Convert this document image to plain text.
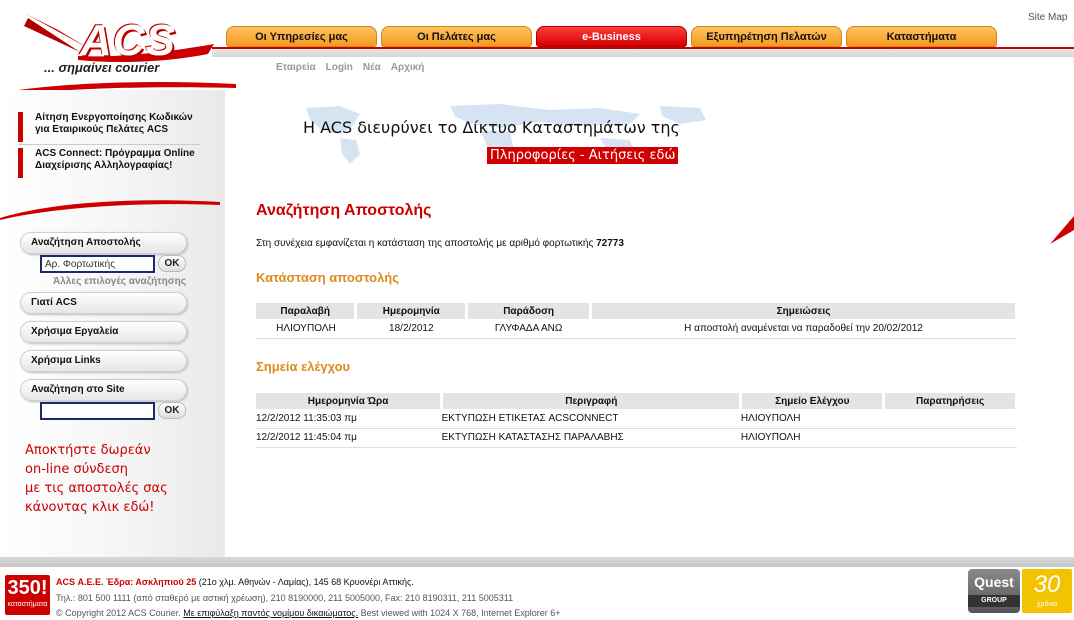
ACS
... σημαίνει courier
Site Map
Οι Υπηρεσίες μας	Οι Πελάτες μας	e-Business	Εξυπηρέτηση Πελατών	Καταστήματα
Εταιρεία Login Νέα Αρχική
Αίτηση Ενεργοποίησης Κωδικών για Εταιρικούς Πελάτες ACS
ACS Connect: Πρόγραμμα Online Διαχείρισης Αλληλογραφίας!
Αναζήτηση Αποστολής
Αρ. Φορτωτικής
OK
Άλλες επιλογές αναζήτησης
Γιατί ACS
Χρήσιμα Εργαλεία
Χρήσιμα Links
Αναζήτηση στο Site
OK
Αποκτήστε δωρεάν
on-line σύνδεση
με τις αποστολές σας
κάνοντας κλικ εδώ!
Η ACS διευρύνει το Δίκτυο Καταστημάτων της
Πληροφορίες - Αιτήσεις εδώ
Αναζήτηση Αποστολής
Στη συνέχεια εμφανίζεται η κατάσταση της αποστολής με αριθμό φορτωτικής 72773
Κατάσταση αποστολής
Παραλαβή	Ημερομηνία	Παράδοση	Σημειώσεις
ΗΛΙΟΥΠΟΛΗ	18/2/2012	ΓΛΥΦΑΔΑ ΑΝΩ	Η αποστολή αναμένεται να παραδοθεί την 20/02/2012
Σημεία ελέγχου
Ημερομηνία Ώρα	Περιγραφή	Σημείο Ελέγχου	Παρατηρήσεις
12/2/2012 11:35:03 πμ	ΕΚΤΥΠΩΣΗ ΕΤΙΚΕΤΑΣ ACSCONNECT	ΗΛΙΟΥΠΟΛΗ	
12/2/2012 11:45:04 πμ	ΕΚΤΥΠΩΣΗ ΚΑΤΑΣΤΑΣΗΣ ΠΑΡΑΛΑΒΗΣ	ΗΛΙΟΥΠΟΛΗ	
350!
καταστήματα
ACS Α.Ε.Ε. Έδρα: Ασκληπιού 25 (21ο χλμ. Αθηνών - Λαμίας), 145 68 Κρυονέρι Αττικής.
Τηλ.: 801 500 1111 (από σταθερό με αστική χρέωση), 210 8190000, 211 5005000, Fax: 210 8190311, 211 5005311
© Copyright 2012 ACS Courier. Με επιφύλαξη παντός νομίμου δικαιώματος. Best viewed with 1024 X 768, Internet Explorer 6+
Quest
GROUP
30
χρόνια
